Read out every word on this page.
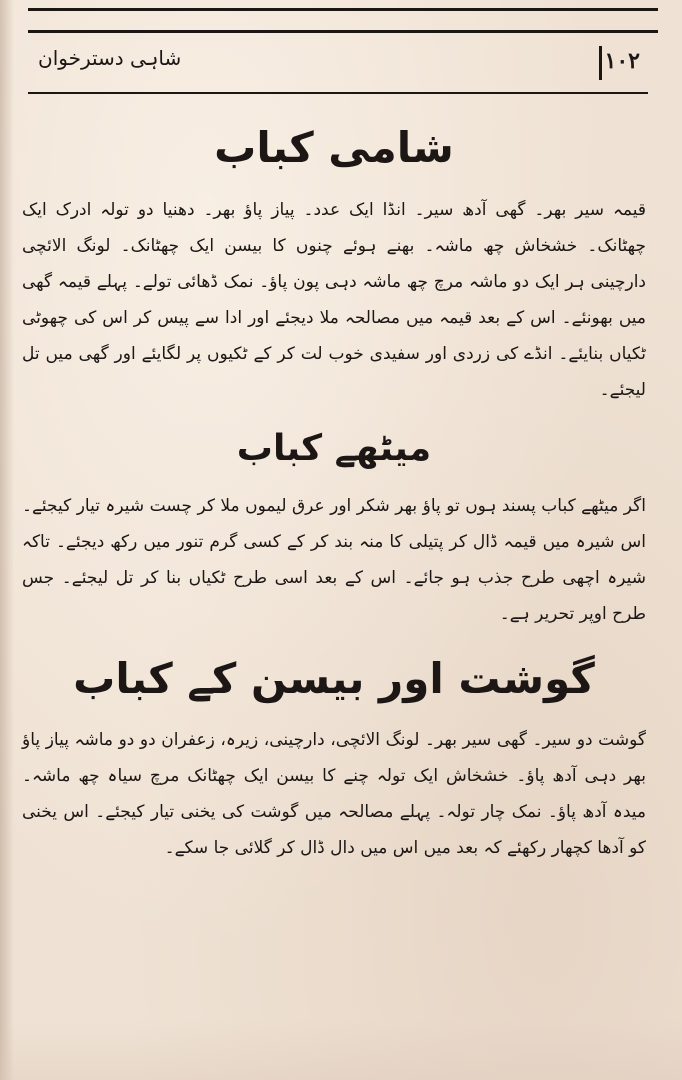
۱۰۲
شاہی دسترخوان
شامی کباب

قیمہ سیر بھر۔ گھی آدھ سیر۔ انڈا ایک عدد۔ پیاز پاؤ بھر۔ دھنیا دو تولہ ادرک ایک چھٹانک۔ خشخاش چھ ماشہ۔ بھنے ہوئے چنوں کا بیسن ایک چھٹانک۔ لونگ الائچی دارچینی ہر ایک دو ماشہ مرچ چھ ماشہ دہی پون پاؤ۔ نمک ڈھائی تولے۔ پہلے قیمہ گھی میں بھونئے۔ اس کے بعد قیمہ میں مصالحہ ملا دیجئے اور ادا سے پیس کر اس کی چھوٹی ٹکیاں بنایئے۔ انڈے کی زردی اور سفیدی خوب لت کر کے ٹکیوں پر لگایئے اور گھی میں تل لیجئے۔

میٹھے کباب

اگر میٹھے کباب پسند ہوں تو پاؤ بھر شکر اور عرق لیموں ملا کر چست شیرہ تیار کیجئے۔ اس شیرہ میں قیمہ ڈال کر پتیلی کا منہ بند کر کے کسی گرم تنور میں رکھ دیجئے۔ تاکہ شیرہ اچھی طرح جذب ہو جائے۔ اس کے بعد اسی طرح ٹکیاں بنا کر تل لیجئے۔ جس طرح اوپر تحریر ہے۔

گوشت اور بیسن کے کباب

گوشت دو سیر۔ گھی سیر بھر۔ لونگ الائچی، دارچینی، زیرہ، زعفران دو دو ماشہ پیاز پاؤ بھر دہی آدھ پاؤ۔ خشخاش ایک تولہ چنے کا بیسن ایک چھٹانک مرچ سیاہ چھ ماشہ۔ میدہ آدھ پاؤ۔ نمک چار تولہ۔ پہلے مصالحہ میں گوشت کی یخنی تیار کیجئے۔ اس یخنی کو آدھا کچھار رکھئے کہ بعد میں اس میں دال ڈال کر گلائی جا سکے۔
